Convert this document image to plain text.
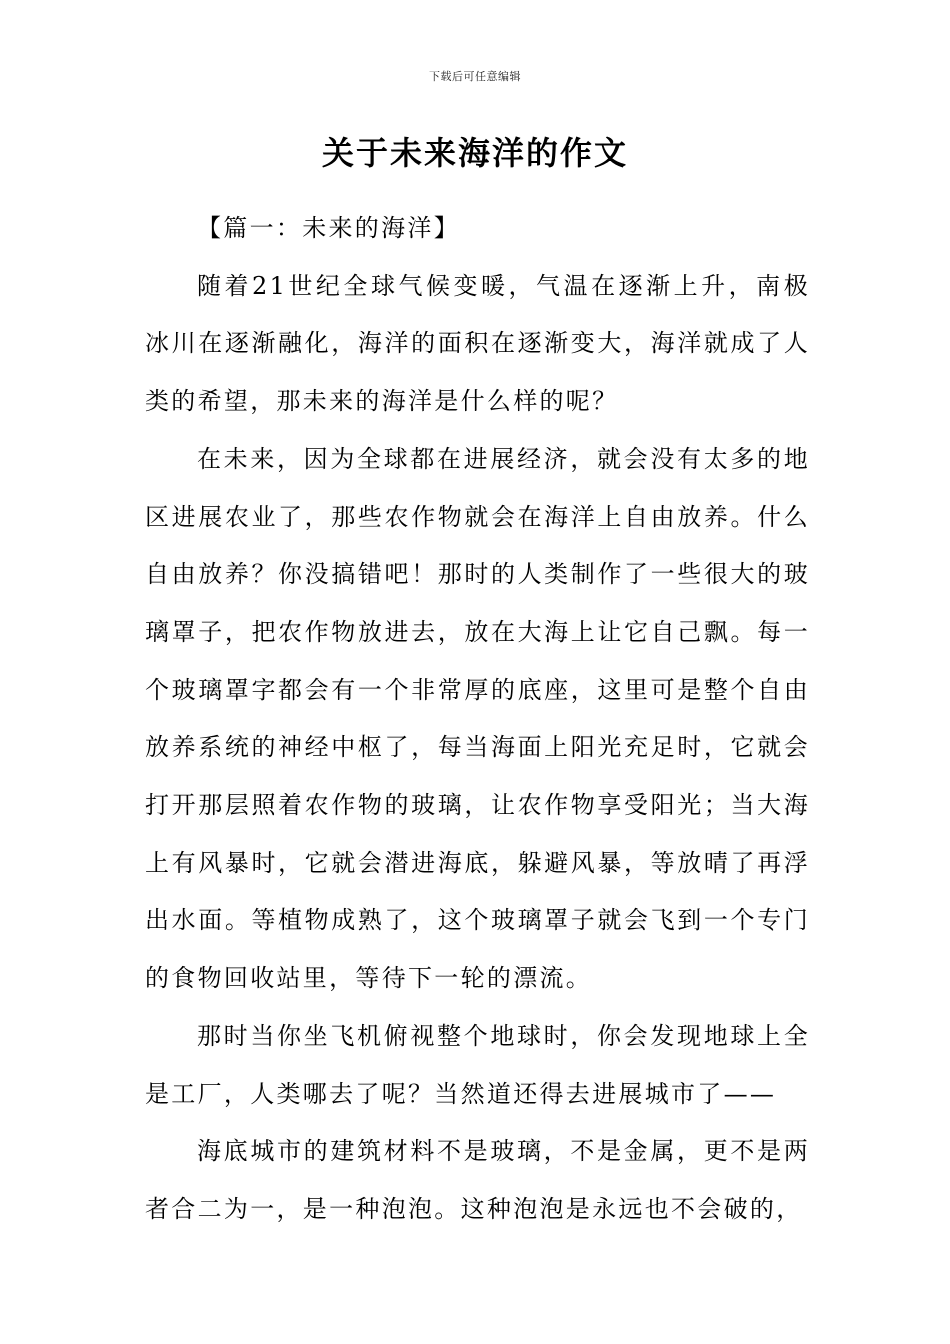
下载后可任意编辑
关于未来海洋的作文

【篇一：未来的海洋】

随着21世纪全球气候变暖，气温在逐渐上升，南极冰川在逐渐融化，海洋的面积在逐渐变大，海洋就成了人类的希望，那未来的海洋是什么样的呢？

在未来，因为全球都在进展经济，就会没有太多的地区进展农业了，那些农作物就会在海洋上自由放养。什么自由放养？你没搞错吧！那时的人类制作了一些很大的玻璃罩子，把农作物放进去，放在大海上让它自己飘。每一个玻璃罩字都会有一个非常厚的底座，这里可是整个自由放养系统的神经中枢了，每当海面上阳光充足时，它就会打开那层照着农作物的玻璃，让农作物享受阳光；当大海上有风暴时，它就会潜进海底，躲避风暴，等放晴了再浮出水面。等植物成熟了，这个玻璃罩子就会飞到一个专门的食物回收站里，等待下一轮的漂流。

那时当你坐飞机俯视整个地球时，你会发现地球上全是工厂，人类哪去了呢？当然道还得去进展城市了——

海底城市的建筑材料不是玻璃，不是金属，更不是两者合二为一，是一种泡泡。这种泡泡是永远也不会破的，
